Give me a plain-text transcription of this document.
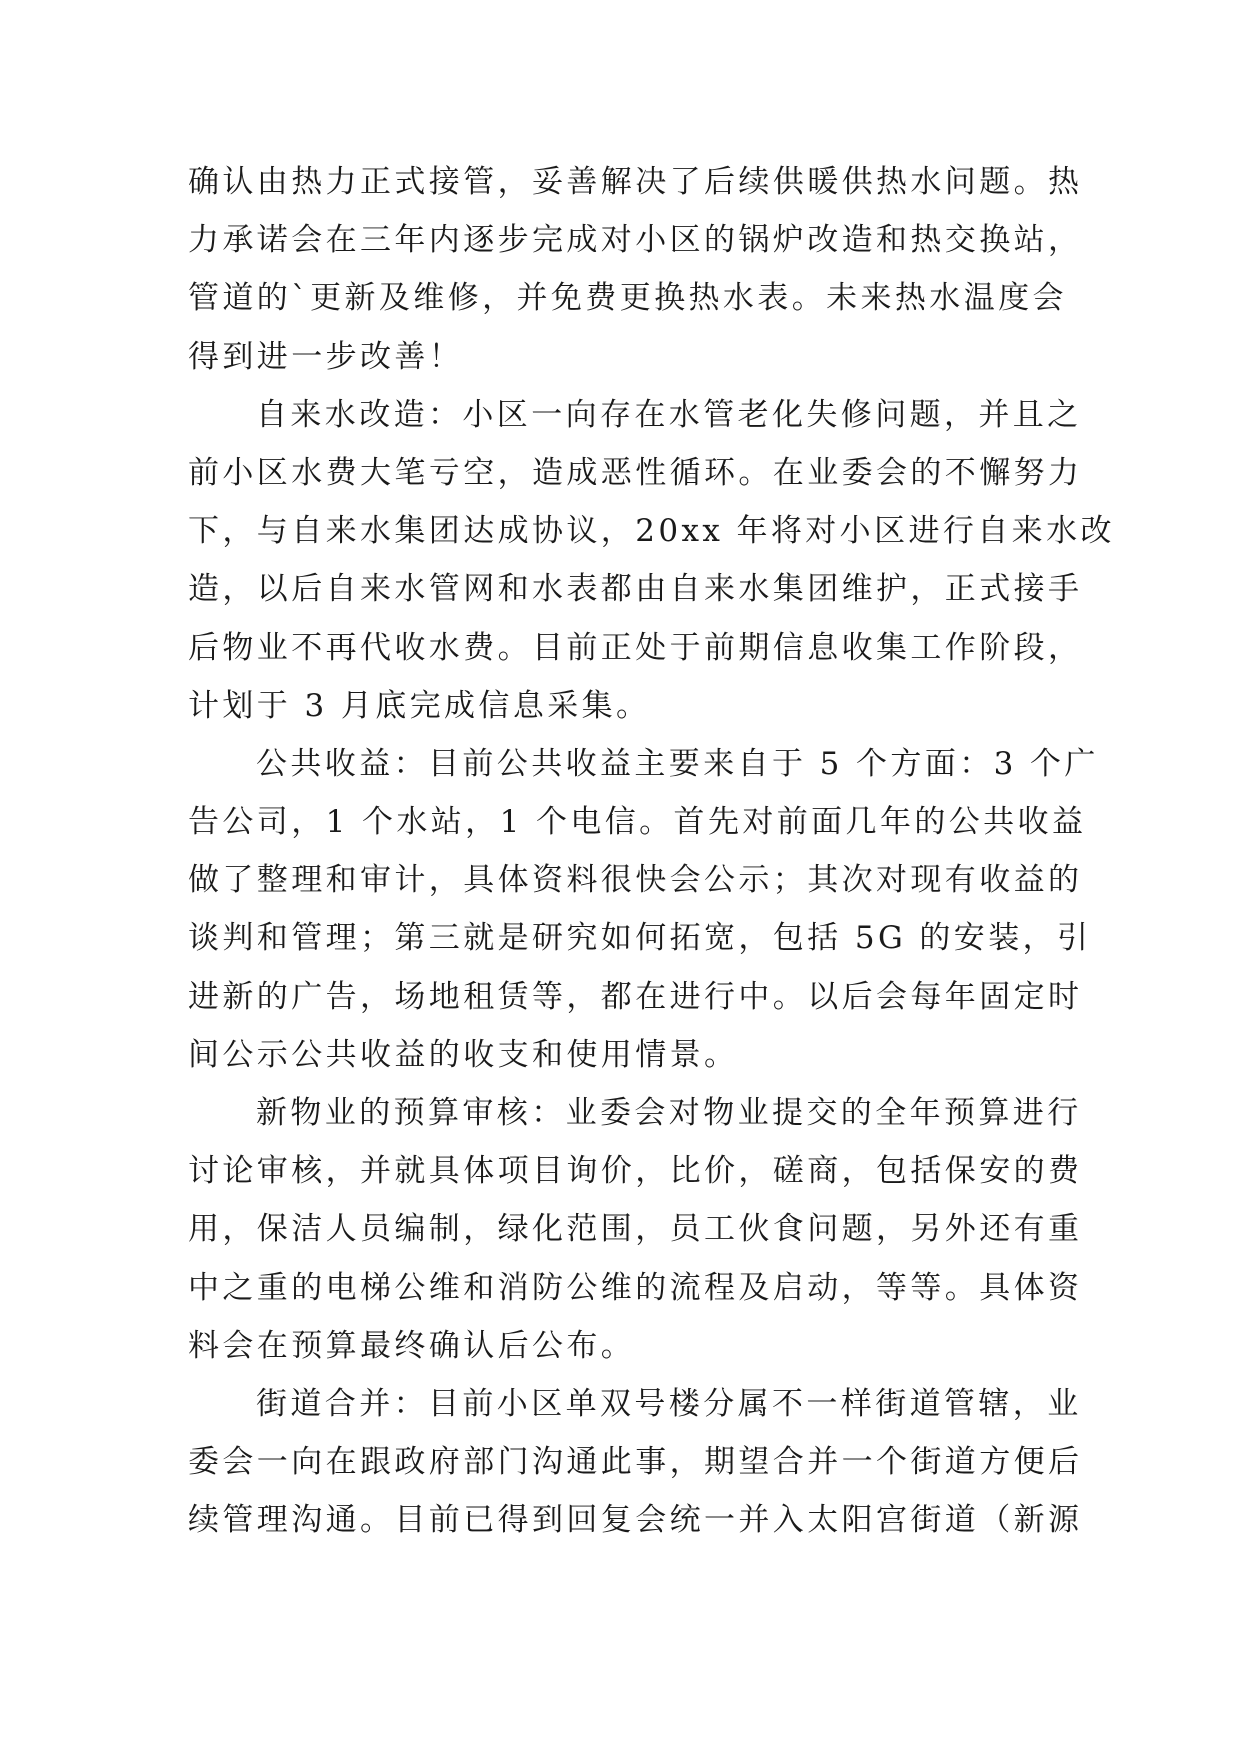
确认由热力正式接管，妥善解决了后续供暖供热水问题。热
力承诺会在三年内逐步完成对小区的锅炉改造和热交换站，
管道的`更新及维修，并免费更换热水表。未来热水温度会
得到进一步改善！
自来水改造：小区一向存在水管老化失修问题，并且之
前小区水费大笔亏空，造成恶性循环。在业委会的不懈努力
下，与自来水集团达成协议，20xx 年将对小区进行自来水改
造，以后自来水管网和水表都由自来水集团维护，正式接手
后物业不再代收水费。目前正处于前期信息收集工作阶段，
计划于 3 月底完成信息采集。
公共收益：目前公共收益主要来自于 5 个方面：3 个广
告公司，1 个水站，1 个电信。首先对前面几年的公共收益
做了整理和审计，具体资料很快会公示；其次对现有收益的
谈判和管理；第三就是研究如何拓宽，包括 5G 的安装，引
进新的广告，场地租赁等，都在进行中。以后会每年固定时
间公示公共收益的收支和使用情景。
新物业的预算审核：业委会对物业提交的全年预算进行
讨论审核，并就具体项目询价，比价，磋商，包括保安的费
用，保洁人员编制，绿化范围，员工伙食问题，另外还有重
中之重的电梯公维和消防公维的流程及启动，等等。具体资
料会在预算最终确认后公布。
街道合并：目前小区单双号楼分属不一样街道管辖，业
委会一向在跟政府部门沟通此事，期望合并一个街道方便后
续管理沟通。目前已得到回复会统一并入太阳宫街道（新源
